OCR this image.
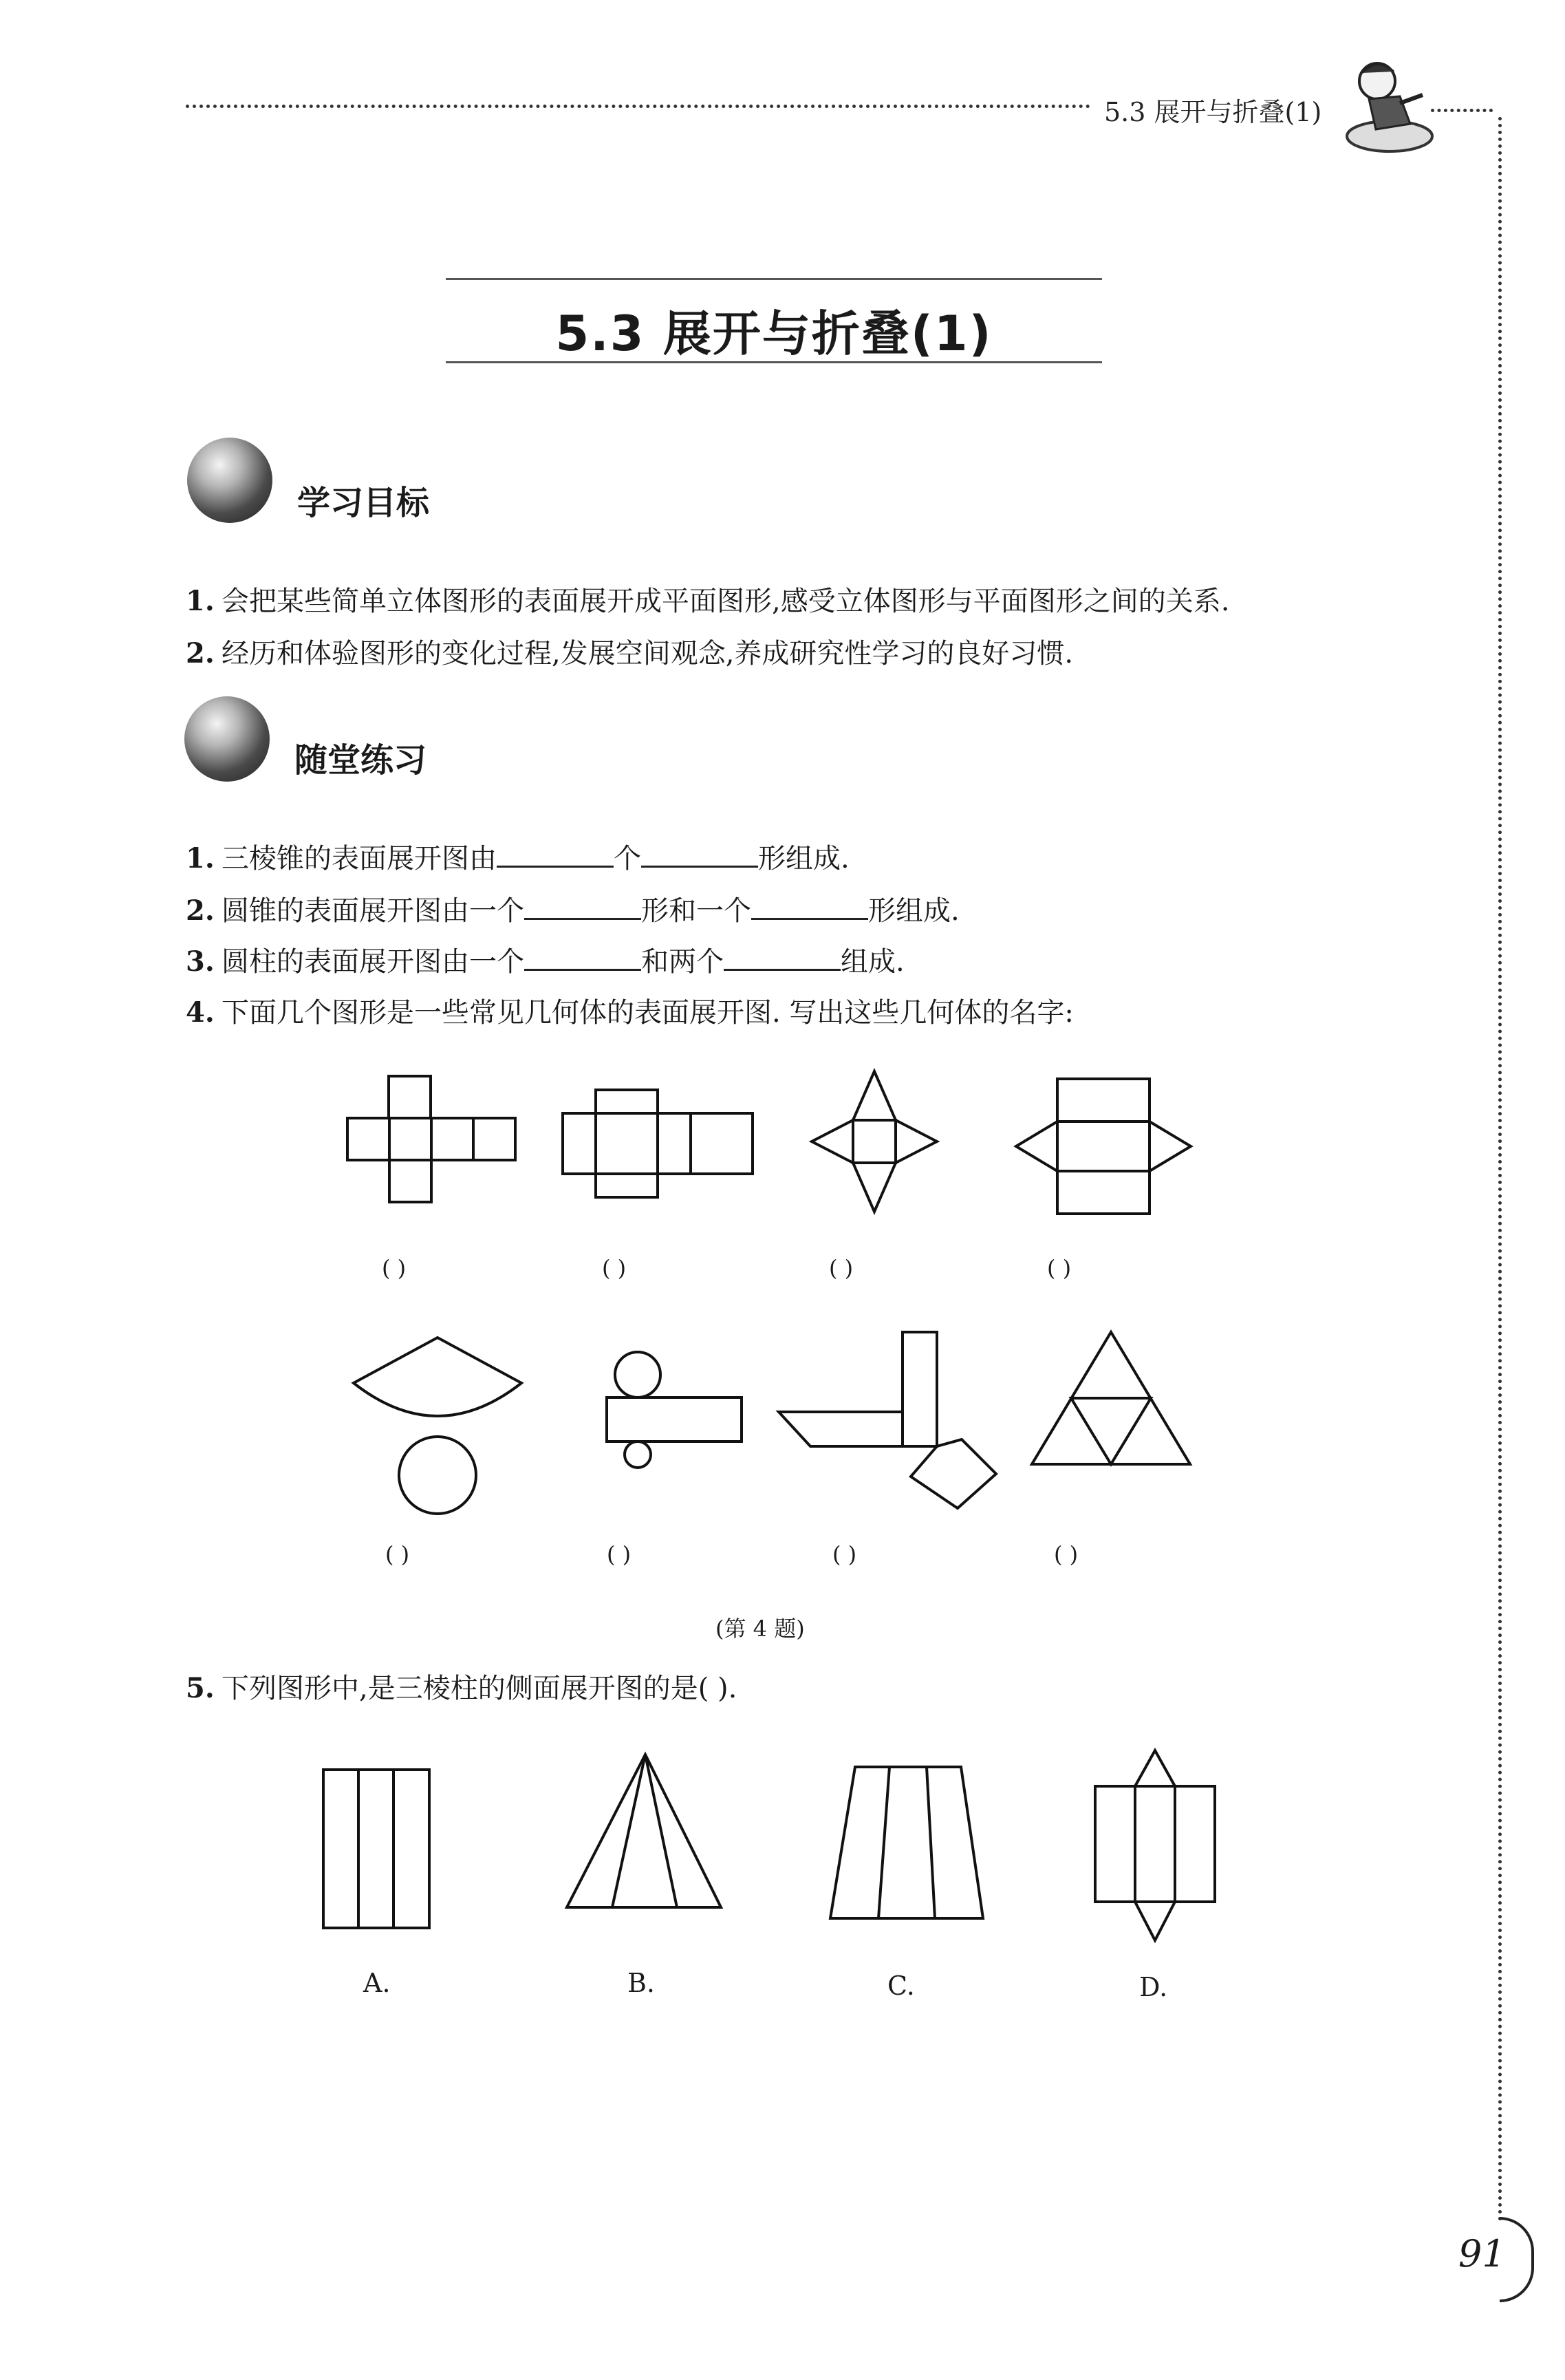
5.3 展开与折叠(1)
5.3 展开与折叠(1)
学习目标
1. 会把某些简单立体图形的表面展开成平面图形,感受立体图形与平面图形之间的关系.
2. 经历和体验图形的变化过程,发展空间观念,养成研究性学习的良好习惯.
随堂练习
1. 三棱锥的表面展开图由	个	形组成.
2. 圆锥的表面展开图由一个	形和一个	形组成.
3. 圆柱的表面展开图由一个	和两个	组成.
4. 下面几个图形是一些常见几何体的表面展开图. 写出这些几何体的名字:
( )	( )	( )	( )
( )	( )	( )	( )
(第 4 题)
5. 下列图形中,是三棱柱的侧面展开图的是( ).
A.	B.	C.	D.
91
